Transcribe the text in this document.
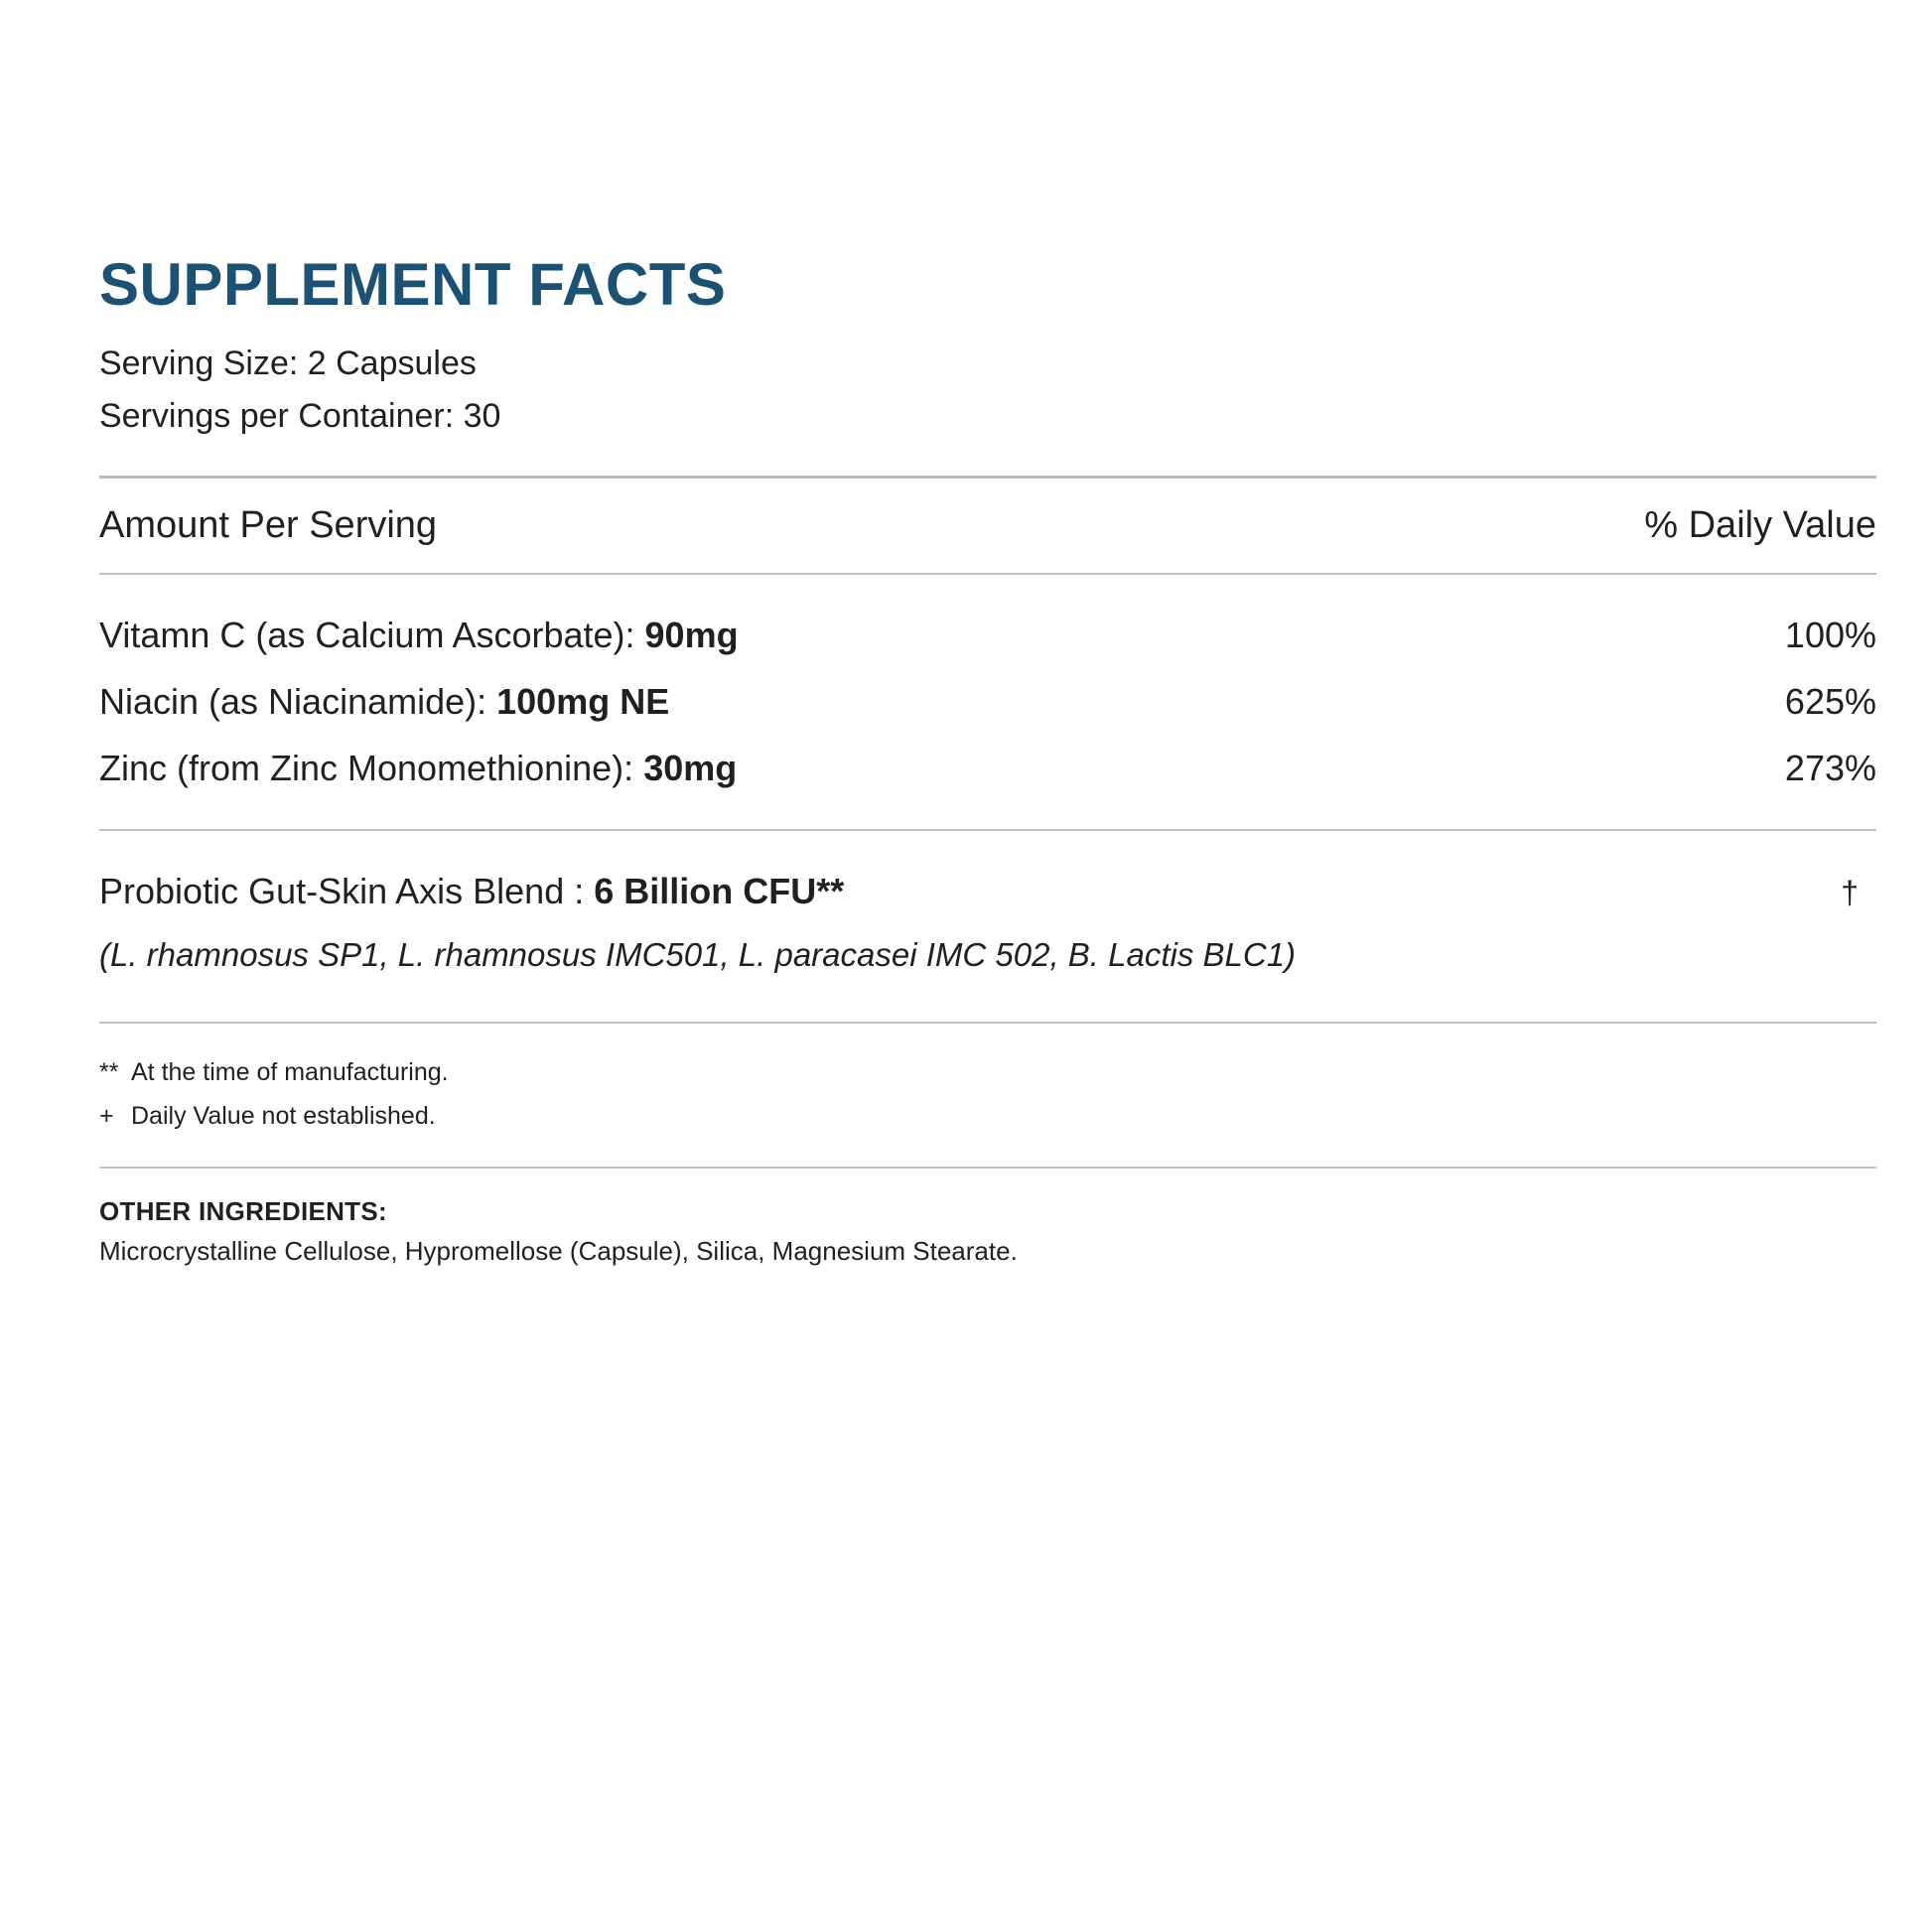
SUPPLEMENT FACTS
Serving Size: 2 Capsules
Servings per Container: 30
Amount Per Serving	% Daily Value
Vitamn C (as Calcium Ascorbate): 90mg	100%
Niacin (as Niacinamide): 100mg NE	625%
Zinc (from Zinc Monomethionine): 30mg	273%
Probiotic Gut-Skin Axis Blend : 6 Billion CFU**	†
(L. rhamnosus SP1, L. rhamnosus IMC501, L. paracasei IMC 502, B. Lactis BLC1)
** At the time of manufacturing.
+ Daily Value not established.
OTHER INGREDIENTS:
Microcrystalline Cellulose, Hypromellose (Capsule), Silica, Magnesium Stearate.
